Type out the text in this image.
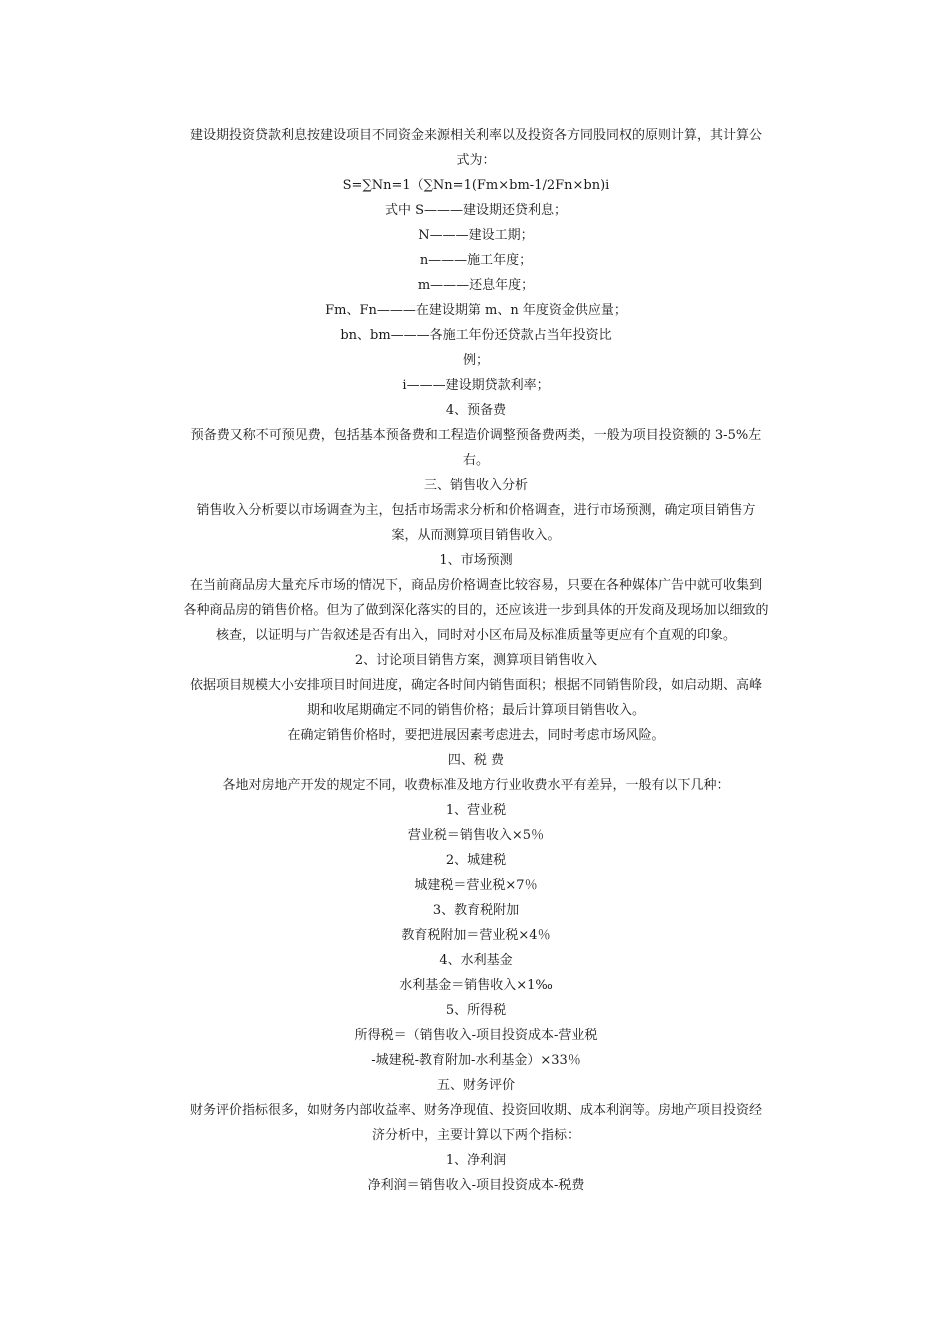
建设期投资贷款利息按建设项目不同资金来源相关利率以及投资各方同股同权的原则计算，其计算公
式为：
S=∑Nn=1（∑Nn=1(Fm×bm-1/2Fn×bn)i
式中 S———建设期还贷利息；
N———建设工期；
n———施工年度；
m———还息年度；
Fm、Fn———在建设期第 m、n 年度资金供应量；
bn、bm———各施工年份还贷款占当年投资比
例；
i———建设期贷款利率；
4、预备费
预备费又称不可预见费，包括基本预备费和工程造价调整预备费两类，一般为项目投资额的 3-5%左
右。
三、销售收入分析
销售收入分析要以市场调查为主，包括市场需求分析和价格调查，进行市场预测，确定项目销售方
案，从而测算项目销售收入。
1、市场预测
在当前商品房大量充斥市场的情况下，商品房价格调查比较容易，只要在各种媒体广告中就可收集到
各种商品房的销售价格。但为了做到深化落实的目的，还应该进一步到具体的开发商及现场加以细致的
核查，以证明与广告叙述是否有出入，同时对小区布局及标准质量等更应有个直观的印象。
2、讨论项目销售方案，测算项目销售收入
依据项目规模大小安排项目时间进度，确定各时间内销售面积；根据不同销售阶段，如启动期、高峰
期和收尾期确定不同的销售价格；最后计算项目销售收入。
在确定销售价格时，要把进展因素考虑进去，同时考虑市场风险。
四、税 费
各地对房地产开发的规定不同，收费标准及地方行业收费水平有差异，一般有以下几种：
1、营业税
营业税＝销售收入×5％
2、城建税
城建税＝营业税×7％
3、教育税附加
教育税附加＝营业税×4％
4、水利基金
水利基金＝销售收入×1‰
5、所得税
所得税＝（销售收入-项目投资成本-营业税
-城建税-教育附加-水利基金）×33％
五、财务评价
财务评价指标很多，如财务内部收益率、财务净现值、投资回收期、成本利润等。房地产项目投资经
济分析中，主要计算以下两个指标：
1、净利润
净利润＝销售收入-项目投资成本-税费
